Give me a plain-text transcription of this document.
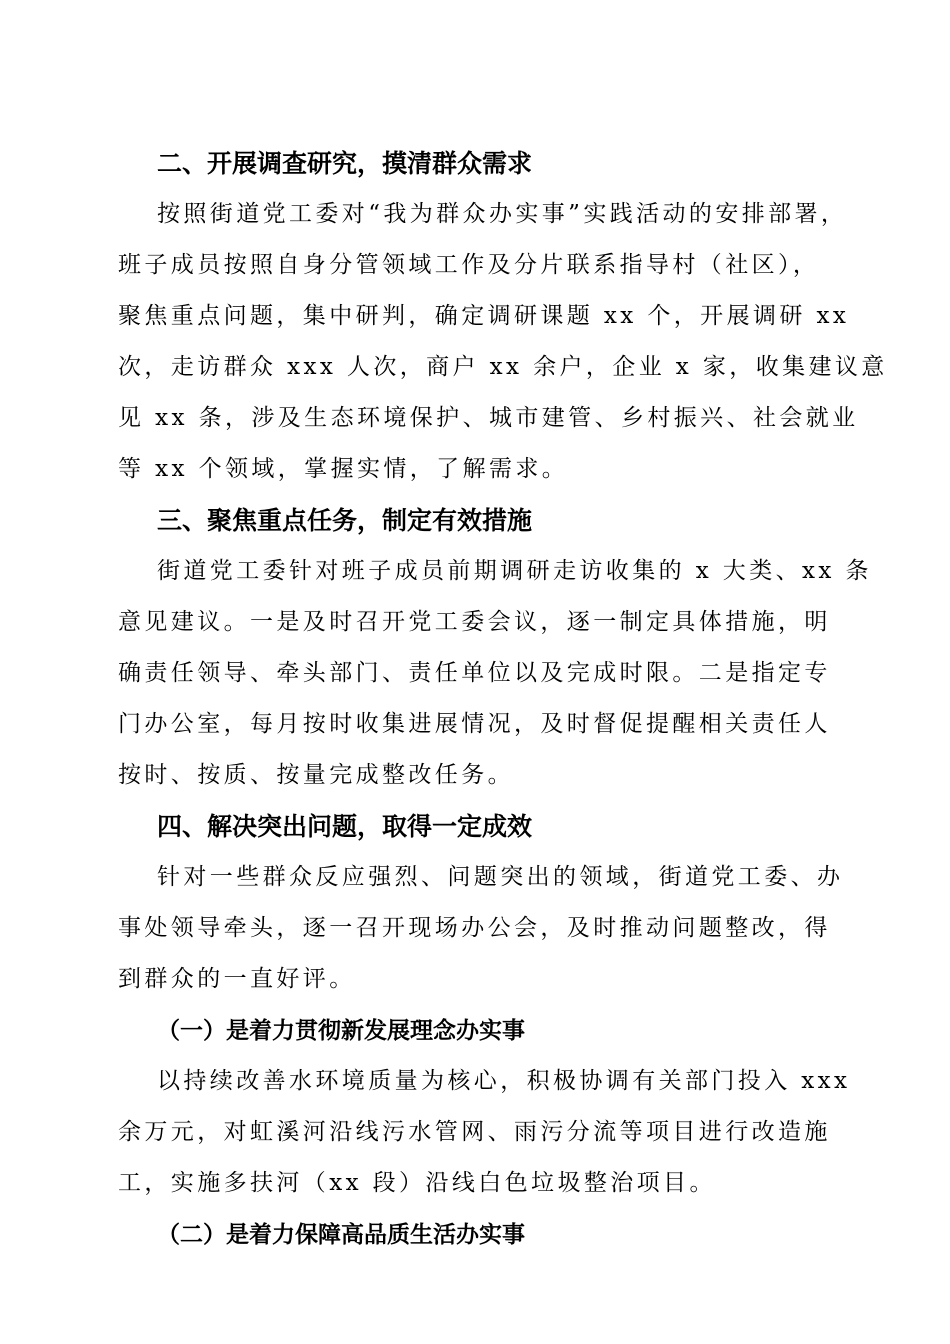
二、开展调查研究，摸清群众需求

按照街道党工委对“我为群众办实事”实践活动的安排部署，
班子成员按照自身分管领域工作及分片联系指导村（社区），
聚焦重点问题，集中研判，确定调研课题 xx 个，开展调研 xx
次，走访群众 xxx 人次，商户 xx 余户，企业 x 家，收集建议意
见 xx 条，涉及生态环境保护、城市建管、乡村振兴、社会就业
等 xx 个领域，掌握实情，了解需求。

三、聚焦重点任务，制定有效措施

街道党工委针对班子成员前期调研走访收集的 x 大类、xx 条
意见建议。一是及时召开党工委会议，逐一制定具体措施，明
确责任领导、牵头部门、责任单位以及完成时限。二是指定专
门办公室，每月按时收集进展情况，及时督促提醒相关责任人
按时、按质、按量完成整改任务。

四、解决突出问题，取得一定成效

针对一些群众反应强烈、问题突出的领域，街道党工委、办
事处领导牵头，逐一召开现场办公会，及时推动问题整改，得
到群众的一直好评。

（一）是着力贯彻新发展理念办实事

以持续改善水环境质量为核心，积极协调有关部门投入 xxx
余万元，对虹溪河沿线污水管网、雨污分流等项目进行改造施
工，实施多扶河（xx 段）沿线白色垃圾整治项目。

（二）是着力保障高品质生活办实事
